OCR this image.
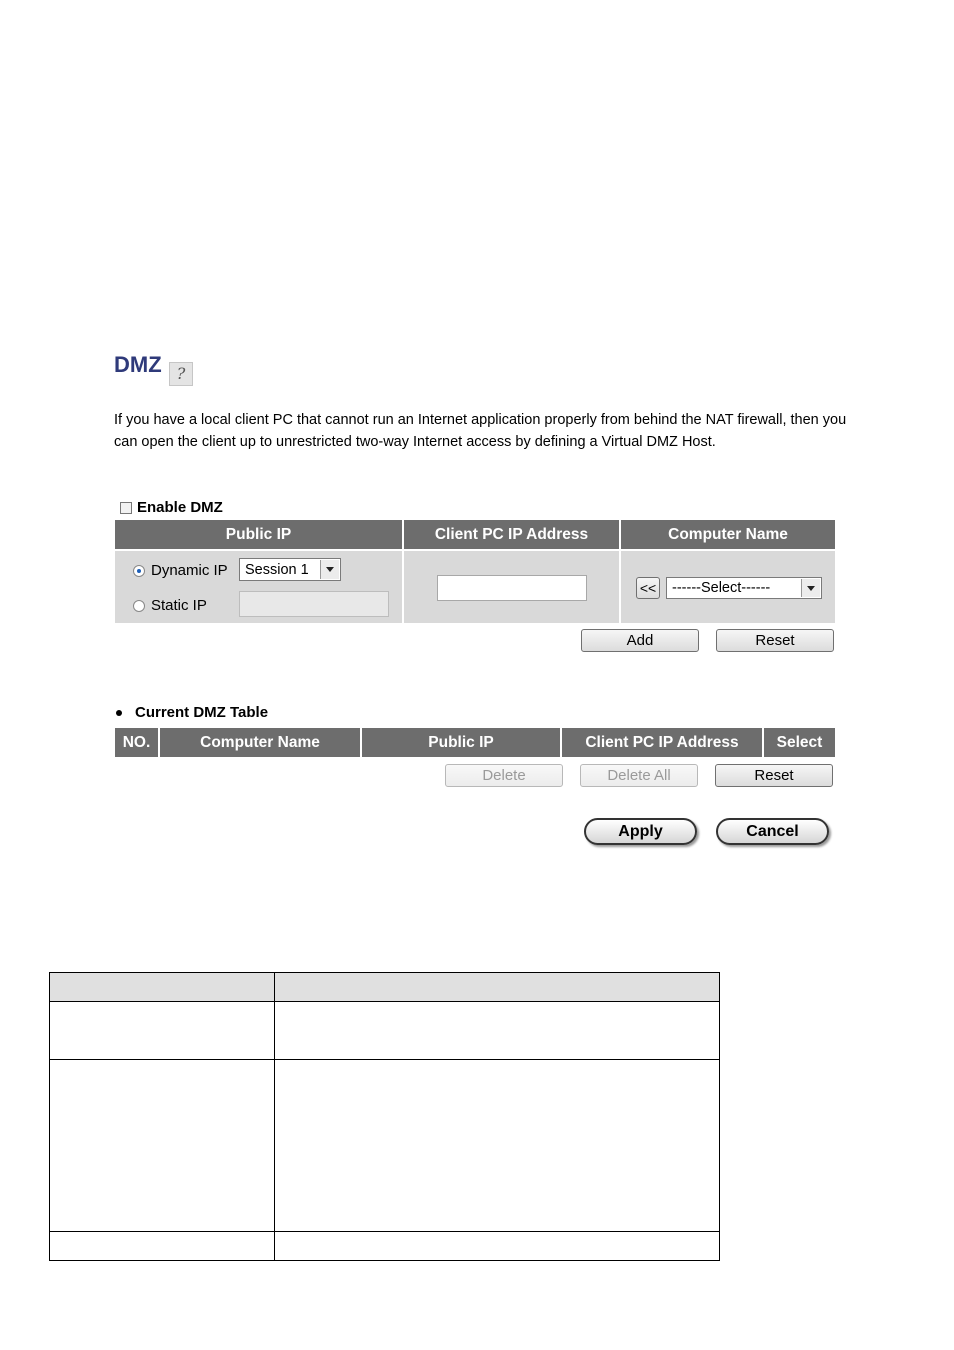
DMZ ?
If you have a local client PC that cannot run an Internet application properly from behind the NAT firewall, then you can open the client up to unrestricted two-way Internet access by defining a Virtual DMZ Host.
Enable DMZ
Public IP	Client PC IP Address	Computer Name
Dynamic IP Session 1
Static IP
<< ------Select------
Add	Reset
Current DMZ Table
NO.	Computer Name	Public IP	Client PC IP Address	Select
Delete	Delete All	Reset
Apply	Cancel
